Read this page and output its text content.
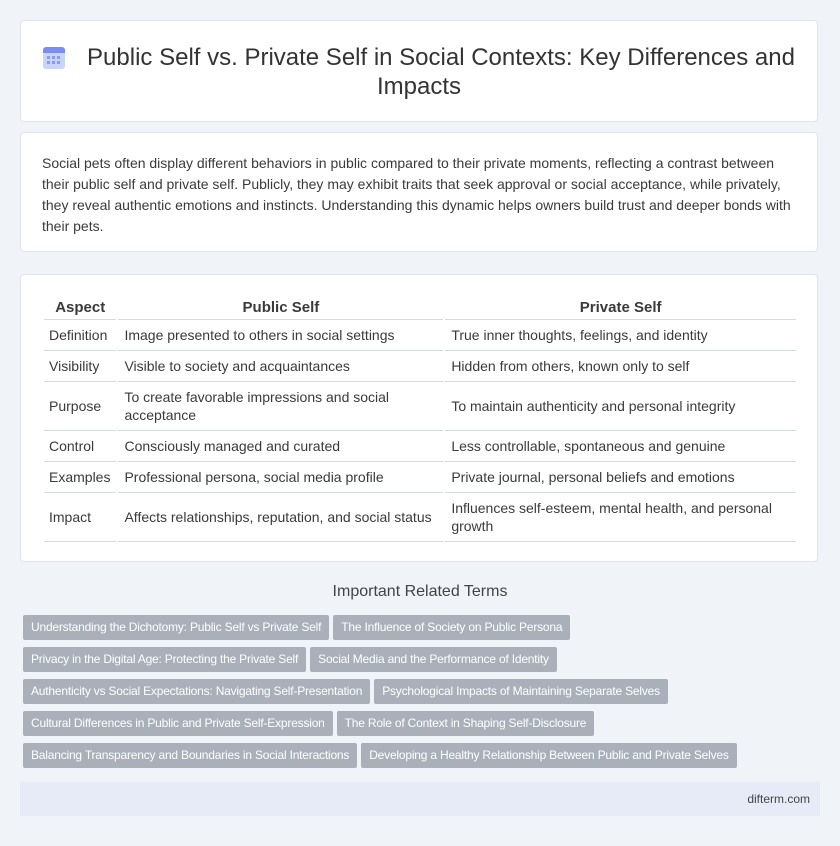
Public Self vs. Private Self in Social Contexts: Key Differences and Impacts
Social pets often display different behaviors in public compared to their private moments, reflecting a contrast between their public self and private self. Publicly, they may exhibit traits that seek approval or social acceptance, while privately, they reveal authentic emotions and instincts. Understanding this dynamic helps owners build trust and deeper bonds with their pets.
Aspect	Public Self	Private Self
Definition	Image presented to others in social settings	True inner thoughts, feelings, and identity
Visibility	Visible to society and acquaintances	Hidden from others, known only to self
Purpose	To create favorable impressions and social acceptance	To maintain authenticity and personal integrity
Control	Consciously managed and curated	Less controllable, spontaneous and genuine
Examples	Professional persona, social media profile	Private journal, personal beliefs and emotions
Impact	Affects relationships, reputation, and social status	Influences self-esteem, mental health, and personal growth
Important Related Terms
Understanding the Dichotomy: Public Self vs Private Self The Influence of Society on Public Persona
Privacy in the Digital Age: Protecting the Private Self Social Media and the Performance of Identity
Authenticity vs Social Expectations: Navigating Self-Presentation Psychological Impacts of Maintaining Separate Selves
Cultural Differences in Public and Private Self-Expression The Role of Context in Shaping Self-Disclosure
Balancing Transparency and Boundaries in Social Interactions Developing a Healthy Relationship Between Public and Private Selves
difterm.com
